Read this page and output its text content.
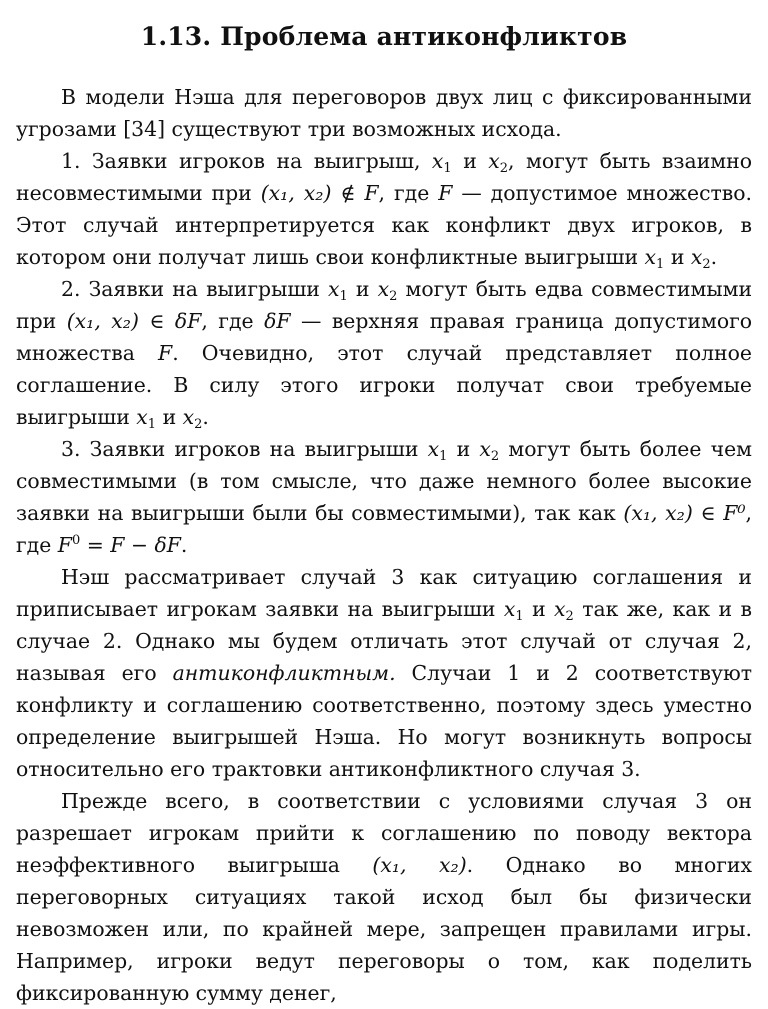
1.13. Проблема антиконфликтов

В модели Нэша для переговоров двух лиц с фиксированными угрозами [34] существуют три возможных исхода.

1. Заявки игроков на выигрыш, $x_1$ и $x_2$, могут быть взаимно несовместимыми при (x₁, x₂) ∉ F, где F — допустимое множество. Этот случай интерпретируется как конфликт двух игроков, в котором они получат лишь свои конфликтные выигрыши $x_1$ и $x_2$.

2. Заявки на выигрыши $x_1$ и $x_2$ могут быть едва совместимыми при (x₁, x₂) ∈ δF, где δF — верхняя правая граница допустимого множества F. Очевидно, этот случай представляет полное соглашение. В силу этого игроки получат свои требуемые выигрыши $x_1$ и $x_2$.

3. Заявки игроков на выигрыши $x_1$ и $x_2$ могут быть более чем совместимыми (в том смысле, что даже немного более высокие заявки на выигрыши были бы совместимыми), так как (x₁, x₂) ∈ F⁰, где $F^0 = F - \delta F$.

Нэш рассматривает случай 3 как ситуацию соглашения и приписывает игрокам заявки на выигрыши $x_1$ и $x_2$ так же, как и в случае 2. Однако мы будем отличать этот случай от случая 2, называя его антиконфликтным. Случаи 1 и 2 соответствуют конфликту и соглашению соответственно, поэтому здесь уместно определение выигрышей Нэша. Но могут возникнуть вопросы относительно его трактовки антиконфликтного случая 3.

Прежде всего, в соответствии с условиями случая 3 он разрешает игрокам прийти к соглашению по поводу вектора неэффективного выигрыша (x₁, x₂). Однако во многих переговорных ситуациях такой исход был бы физически невозможен или, по крайней мере, запрещен правилами игры. Например, игроки ведут переговоры о том, как поделить фиксированную сумму денег,
